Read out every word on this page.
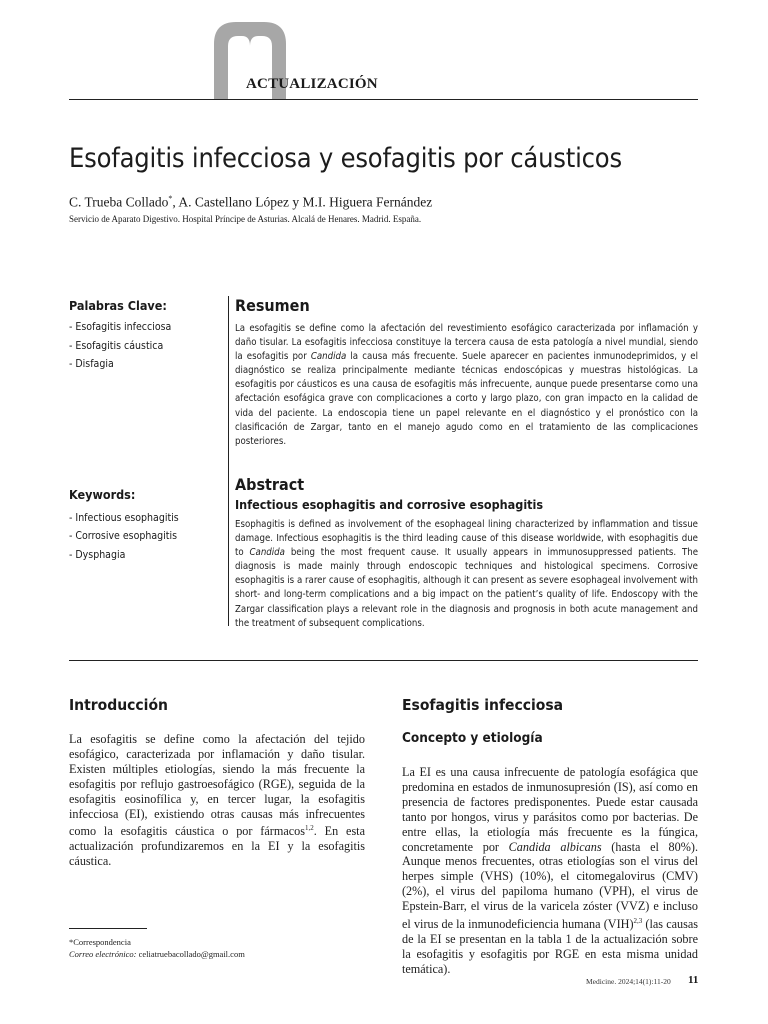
ACTUALIZACIÓN
Esofagitis infecciosa y esofagitis por cáusticos
C. Trueba Collado*, A. Castellano López y M.I. Higuera Fernández
Servicio de Aparato Digestivo. Hospital Príncipe de Asturias. Alcalá de Henares. Madrid. España.
Palabras Clave:
- Esofagitis infecciosa
- Esofagitis cáustica
- Disfagia
Keywords:
- Infectious esophagitis
- Corrosive esophagitis
- Dysphagia
Resumen
La esofagitis se define como la afectación del revestimiento esofágico caracterizada por inflamación y daño tisular. La esofagitis infecciosa constituye la tercera causa de esta patología a nivel mundial, siendo la esofagitis por Candida la causa más frecuente. Suele aparecer en pacientes inmunodeprimidos, y el diagnóstico se realiza principalmente mediante técnicas endoscópicas y muestras histológicas. La esofagitis por cáusticos es una causa de esofagitis más infrecuente, aunque puede presentarse como una afectación esofágica grave con complicaciones a corto y largo plazo, con gran impacto en la calidad de vida del paciente. La endoscopia tiene un papel relevante en el diagnóstico y el pronóstico con la clasificación de Zargar, tanto en el manejo agudo como en el tratamiento de las complicaciones posteriores.
Abstract
Infectious esophagitis and corrosive esophagitis
Esophagitis is defined as involvement of the esophageal lining characterized by inflammation and tissue damage. Infectious esophagitis is the third leading cause of this disease worldwide, with esophagitis due to Candida being the most frequent cause. It usually appears in immunosuppressed patients. The diagnosis is made mainly through endoscopic techniques and histological specimens. Corrosive esophagitis is a rarer cause of esophagitis, although it can present as severe esophageal involvement with short- and long-term complications and a big impact on the patient’s quality of life. Endoscopy with the Zargar classification plays a relevant role in the diagnosis and prognosis in both acute management and the treatment of subsequent complications.
Introducción
La esofagitis se define como la afectación del tejido esofágico, caracterizada por inflamación y daño tisular. Existen múltiples etiologías, siendo la más frecuente la esofagitis por reflujo gastroesofágico (RGE), seguida de la esofagitis eosinofílica y, en tercer lugar, la esofagitis infecciosa (EI), existiendo otras causas más infrecuentes como la esofagitis cáustica o por fármacos$^{1,2}$. En esta actualización profundizaremos en la EI y la esofagitis cáustica.
*Correspondencia
Correo electrónico: celiatruebacollado@gmail.com
Esofagitis infecciosa
Concepto y etiología
La EI es una causa infrecuente de patología esofágica que predomina en estados de inmunosupresión (IS), así como en presencia de factores predisponentes. Puede estar causada tanto por hongos, virus y parásitos como por bacterias. De entre ellas, la etiología más frecuente es la fúngica, concretamente por Candida albicans (hasta el 80%). Aunque menos frecuentes, otras etiologías son el virus del herpes simple (VHS) (10%), el citomegalovirus (CMV) (2%), el virus del papiloma humano (VPH), el virus de Epstein-Barr, el virus de la varicela zóster (VVZ) e incluso el virus de la inmunodeficiencia humana (VIH)$^{2,3}$ (las causas de la EI se presentan en la tabla 1 de la actualización sobre la esofagitis y esofagitis por RGE en esta misma unidad temática).
Medicine. 2024;14(1):11-20 11
